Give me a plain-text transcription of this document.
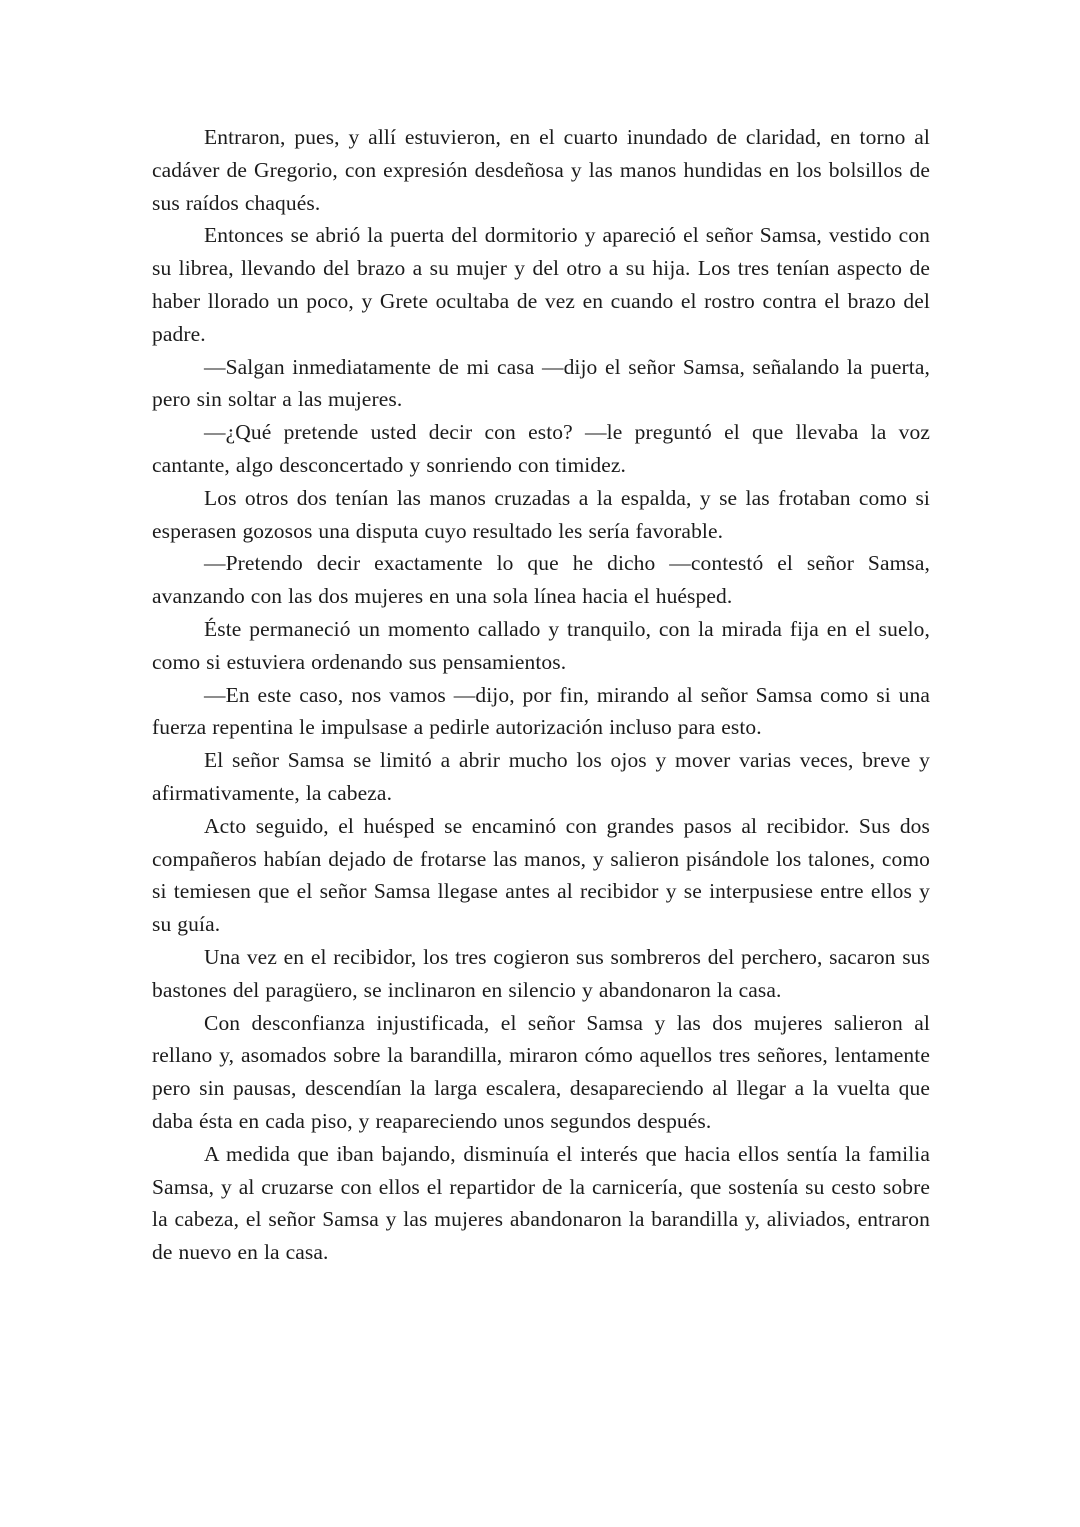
Entraron, pues, y allí estuvieron, en el cuarto inundado de claridad, en torno al cadáver de Gregorio, con expresión desdeñosa y las manos hundidas en los bolsillos de sus raídos chaqués.

Entonces se abrió la puerta del dormitorio y apareció el señor Samsa, vestido con su librea, llevando del brazo a su mujer y del otro a su hija. Los tres tenían aspecto de haber llorado un poco, y Grete ocultaba de vez en cuando el rostro contra el brazo del padre.

—Salgan inmediatamente de mi casa —dijo el señor Samsa, señalando la puerta, pero sin soltar a las mujeres.

—¿Qué pretende usted decir con esto? —le preguntó el que llevaba la voz cantante, algo desconcertado y sonriendo con timidez.

Los otros dos tenían las manos cruzadas a la espalda, y se las frotaban como si esperasen gozosos una disputa cuyo resultado les sería favorable.

—Pretendo decir exactamente lo que he dicho —contestó el señor Samsa, avanzando con las dos mujeres en una sola línea hacia el huésped.

Éste permaneció un momento callado y tranquilo, con la mirada fija en el suelo, como si estuviera ordenando sus pensamientos.

—En este caso, nos vamos —dijo, por fin, mirando al señor Samsa como si una fuerza repentina le impulsase a pedirle autorización incluso para esto.

El señor Samsa se limitó a abrir mucho los ojos y mover varias veces, breve y afirmativamente, la cabeza.

Acto seguido, el huésped se encaminó con grandes pasos al recibidor. Sus dos compañeros habían dejado de frotarse las manos, y salieron pisándole los talones, como si temiesen que el señor Samsa llegase antes al recibidor y se interpusiese entre ellos y su guía.

Una vez en el recibidor, los tres cogieron sus sombreros del perchero, sacaron sus bastones del paragüero, se inclinaron en silencio y abandonaron la casa.

Con desconfianza injustificada, el señor Samsa y las dos mujeres salieron al rellano y, asomados sobre la barandilla, miraron cómo aquellos tres señores, lentamente pero sin pausas, descendían la larga escalera, desapareciendo al llegar a la vuelta que daba ésta en cada piso, y reapareciendo unos segundos después.

A medida que iban bajando, disminuía el interés que hacia ellos sentía la familia Samsa, y al cruzarse con ellos el repartidor de la carnicería, que sostenía su cesto sobre la cabeza, el señor Samsa y las mujeres abandonaron la barandilla y, aliviados, entraron de nuevo en la casa.
